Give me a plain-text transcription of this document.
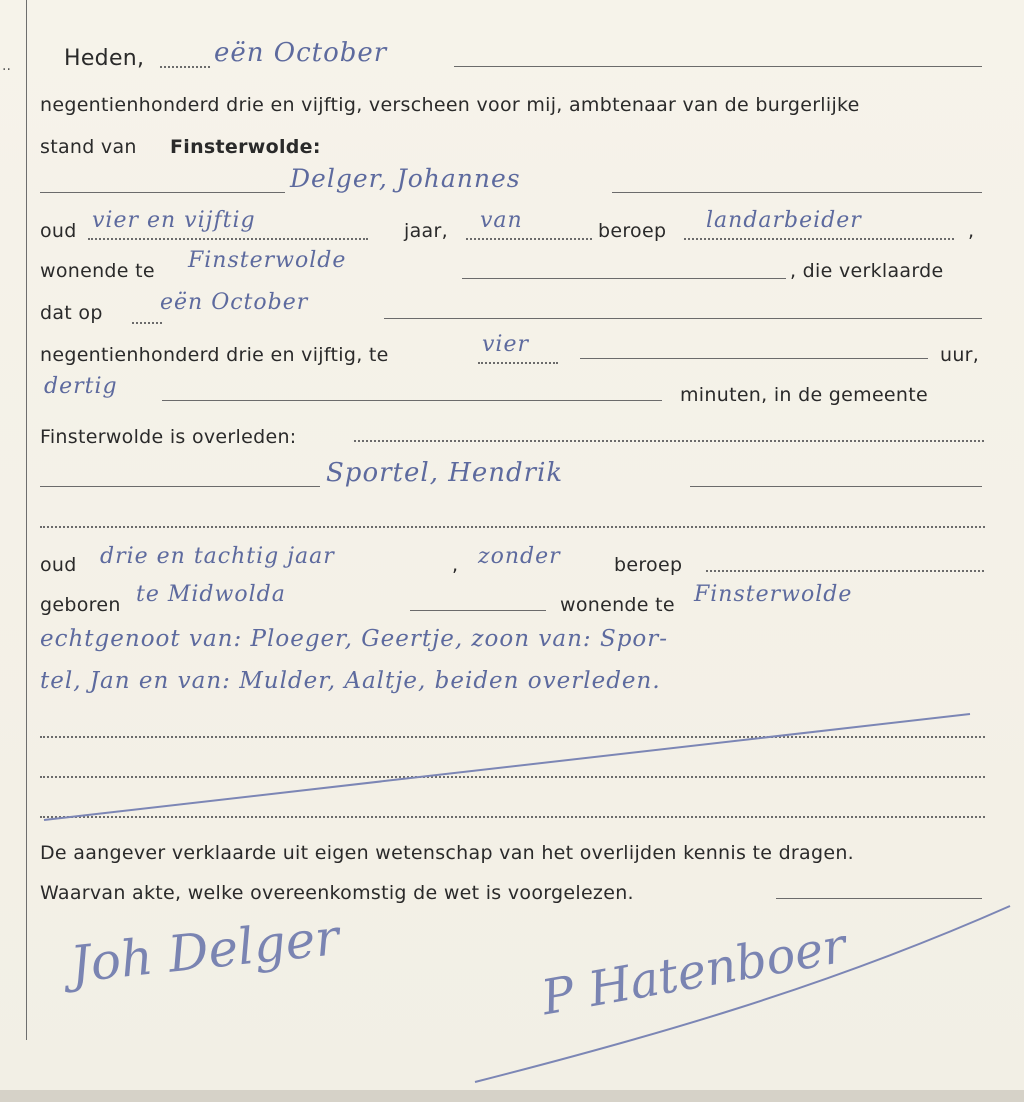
.. Heden,	eën October
negentienhonderd drie en vijftig, verscheen voor mij, ambtenaar van de burgerlijke
stand van Finsterwolde:
Delger, Johannes
oud vier en vijftig	jaar, van	beroep landarbeider	,
wonende te Finsterwolde	, die verklaarde
dat op	eën October
negentienhonderd drie en vijftig, te	vier	uur,
dertig	minuten, in de gemeente
Finsterwolde is overleden:
Sportel, Hendrik
oud drie en tachtig jaar	, zonder	beroep
geboren te Midwolda	wonende te Finsterwolde
echtgenoot van: Ploeger, Geertje, zoon van: Spor-
tel, Jan en van: Mulder, Aaltje, beiden overleden.
De aangever verklaarde uit eigen wetenschap van het overlijden kennis te dragen.
Waarvan akte, welke overeenkomstig de wet is voorgelezen.
Joh Delger	P Hatenboer
